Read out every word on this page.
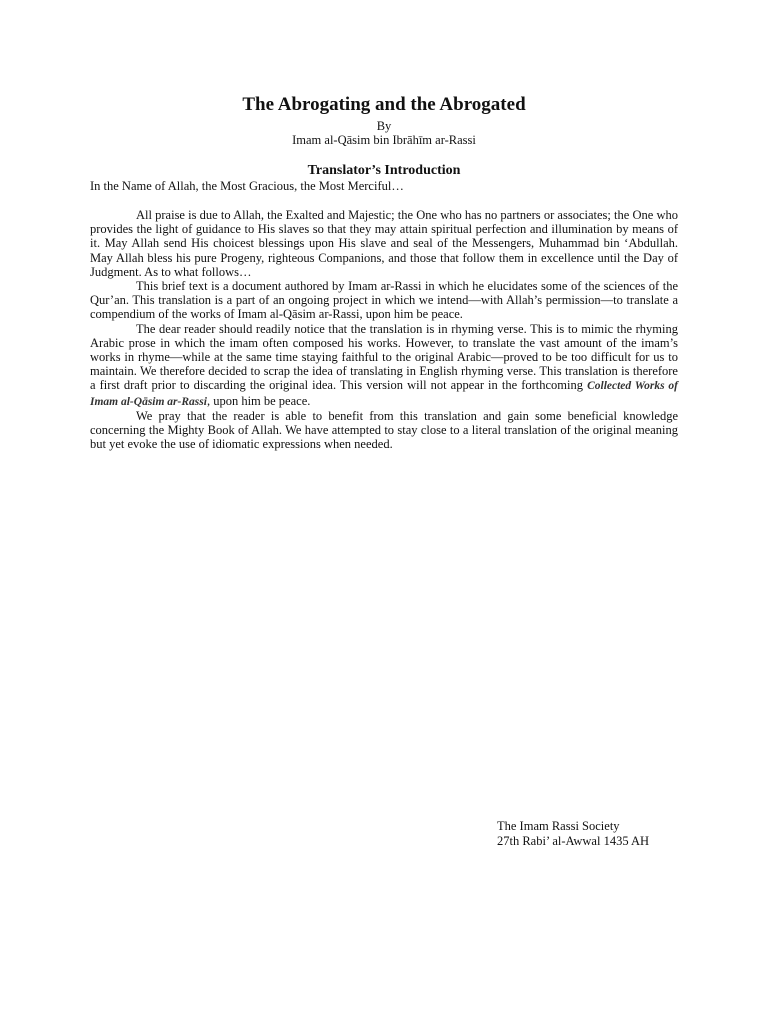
The Abrogating and the Abrogated
By
Imam al-Qāsim bin Ibrāhīm ar-Rassi
Translator’s Introduction
In the Name of Allah, the Most Gracious, the Most Merciful…

All praise is due to Allah, the Exalted and Majestic; the One who has no partners or associates; the One who provides the light of guidance to His slaves so that they may attain spiritual perfection and illumination by means of it. May Allah send His choicest blessings upon His slave and seal of the Messengers, Muhammad bin ‘Abdullah. May Allah bless his pure Progeny, righteous Companions, and those that follow them in excellence until the Day of Judgment. As to what follows…

This brief text is a document authored by Imam ar-Rassi in which he elucidates some of the sciences of the Qur’an. This translation is a part of an ongoing project in which we intend—with Allah’s permission—to translate a compendium of the works of Imam al-Qāsim ar-Rassi, upon him be peace.

The dear reader should readily notice that the translation is in rhyming verse. This is to mimic the rhyming Arabic prose in which the imam often composed his works. However, to translate the vast amount of the imam’s works in rhyme—while at the same time staying faithful to the original Arabic—proved to be too difficult for us to maintain. We therefore decided to scrap the idea of translating in English rhyming verse. This translation is therefore a first draft prior to discarding the original idea. This version will not appear in the forthcoming Collected Works of Imam al-Qāsim ar-Rassi, upon him be peace.

We pray that the reader is able to benefit from this translation and gain some beneficial knowledge concerning the Mighty Book of Allah. We have attempted to stay close to a literal translation of the original meaning but yet evoke the use of idiomatic expressions when needed.

The Imam Rassi Society
27th Rabi’ al-Awwal 1435 AH
